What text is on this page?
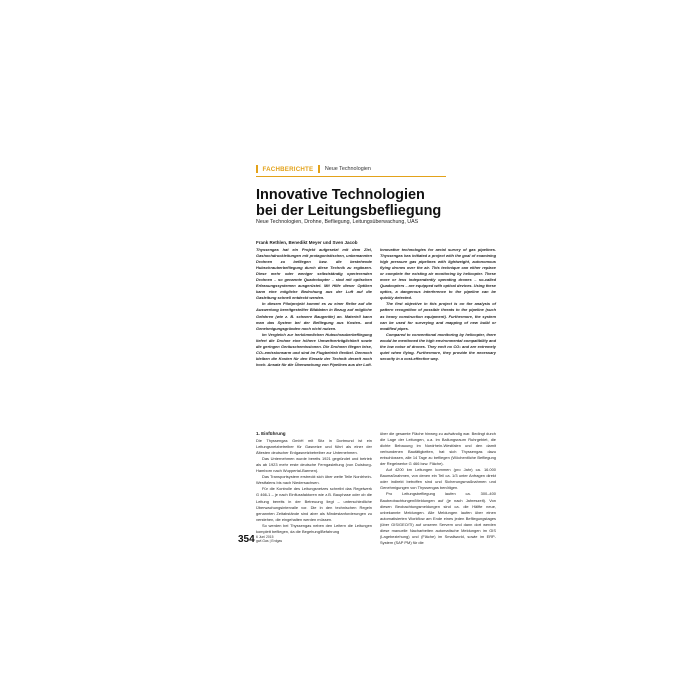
FACHBERICHTE Neue Technologien
Innovative Technologien
bei der Leitungsbefliegung
Neue Technologien, Drohne, Befliegung, Leitungsüberwachung, UAS
Frank Rethlen, Benedikt Meyer und Sven Jacob

Thyssengas hat ein Projekt aufgesetzt mit dem Ziel, Gashochdruckleitungen mit protagonistischen, unbemannten Drohnen zu befliegen bzw. die bestehende Hubschrauberbefliegung durch diese Technik zu ergänzen. Diese mehr oder weniger selbstständig operierenden Drohnen – so genannte Quadrokopter – sind mit optischen Erfassungssystemen ausgerüstet. Mit Hilfe dieser Optiken kann eine mögliche Bedrohung aus der Luft auf die Gasleitung schnell entdeckt werden.

In diesem Pilotprojekt kommt es zu einer Reihe auf die Auswertung bereitgestellter Bilddaten in Bezug auf mögliche Gefahren (wie z. B. schwere Baugeräte) an. Materiell kann man das System bei der Befliegung aus Kosten- und Genehmigungsgründen noch nicht nutzen.

Im Vergleich zur herkömmlichen Hubschrauberbefliegung liefert die Drohne eine höhere Umweltverträglichkeit sowie die geringen Geräuschemissionen. Die Drohnen fliegen leise, CO₂-emissionsarm und sind im Flugbetrieb flexibel. Dennoch bleiben die Kosten für den Einsatz der Technik derzeit noch hoch. Ansatz für die Überwachung von Pipelines aus der Luft.

Innovative technologies for aerial survey of gas pipelines. Thyssengas has initiated a project with the goal of examining high pressure gas pipelines with lightweight, autonomous flying drones over the air. This technique can either replace or complete the existing air monitoring by helicopter. These more or less independently operating drones – so-called Quadcopters – are equipped with optical devices. Using these optics, a dangerous interference to the pipeline can be quickly detected.

The first objective in this project is on the analysis of pattern recognition of possible threats to the pipeline (such as heavy construction equipment). Furthermore, the system can be used for surveying and mapping of new build or modified pipes.

Compared to conventional monitoring by helicopter, there would be mentioned the high environmental compatibility and the low noise of drones. They emit no CO₂ and are extremely quiet when flying. Furthermore, they provide the necessary security in a cost-effective way.

1. Einführung

Die Thyssengas GmbH mit Sitz in Dortmund ist ein Leitungsnetzbetreiber für Gasnetze und führt als einer der Ältesten deutscher Erdgasnetzbetreiber zur Unternehmen.

Das Unternehmen wurde bereits 1921 gegründet und betrieb als ab 1923 mehr erste deutsche Ferngasleitung (von Duisburg-Hamborn nach Wuppertal-Barmen).

Das Transportsystem erstreckt sich über weite Teile Nordrhein-Westfalens bis nach Niedersachsen.

Für die Kontrolle des Leitungsnetzes schreibt das Regelwerk G 466-1 – je nach Einflussfaktoren wie z.B. Bauphase oder ob die Leitung bereits in der Betreuung liegt – unterschiedliche Überwachungsintervalle vor. Die in den technischen Regeln genannten Zeitabstände sind aber als Mindestanforderungen zu verstehen, die eingehalten werden müssen.

So werden bei Thyssengas neben den Leitern die Leitungen komplett befliegen, da die Begehung/Befahrung

über die gesamte Fläche hinweg zu aufwändig war. Bedingt durch die Lage der Leitungen, u.a. im Ballungsraum Ruhrgebiet, die dichte Bebauung im Nordrhein-Westfalen und den damit verbundenen Bautätigkeiten, hat sich Thyssengas dazu entschlossen, alle 14 Tage zu befliegen (Wöchentliche Befliegung der Regelwerke G 466 bzw. Fläche).

Auf 4200 km Leitungen kommen (pro Jahr) ca. 16.000 Baumaßnahmen, von denen ein Teil ca. 1/3 unter Anfragen direkt oder indirekt betroffen sind und Sicherungsmaßnahmen und Genehmigungen von Thyssengas benötigen.

Pro Leitungsbefliegung laufen ca. 300–400 Baubeobachtungen/Meldungen auf (je nach Jahreszeit). Von diesen Beobachtungsmeldungen sind ca. die Hälfte neue, unbekannte Meldungen. Alle Meldungen laufen über einen automatisierten Workflow am Ende eines jeden Befliegungstages (über GIS/GEO/TI) auf unseren Servern und dann dort werden diese manuelle Nacharbeiten automatische Meldungen im GIS (Lagebeziehung) und (Fläche) im Smallworld, sowie im ERP-System (SAP PM) für die

354 6 Juni 2015
gwf-Gas | Erdgas
